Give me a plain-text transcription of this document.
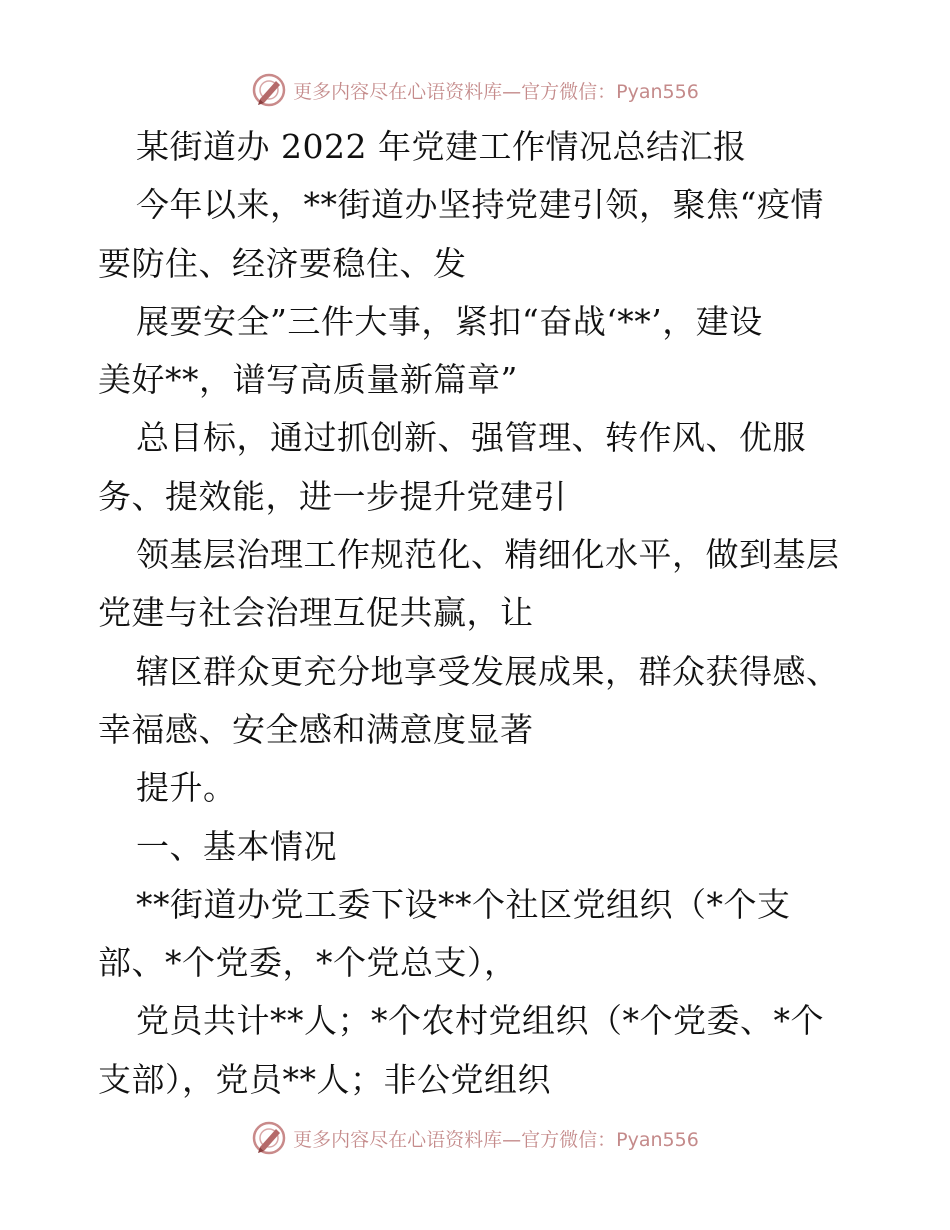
更多内容尽在心语资料库—官方微信：Pyan556
某街道办 2022 年党建工作情况总结汇报
今年以来，**街道办坚持党建引领，聚焦“疫情
要防住、经济要稳住、发
展要安全”三件大事，紧扣“奋战‘**’，建设
美好**，谱写高质量新篇章”
总目标，通过抓创新、强管理、转作风、优服
务、提效能，进一步提升党建引
领基层治理工作规范化、精细化水平，做到基层
党建与社会治理互促共赢，让
辖区群众更充分地享受发展成果，群众获得感、
幸福感、安全感和满意度显著
提升。
一、基本情况
**街道办党工委下设**个社区党组织（*个支
部、*个党委，*个党总支），
党员共计**人；*个农村党组织（*个党委、*个
支部），党员**人；非公党组织
更多内容尽在心语资料库—官方微信：Pyan556
